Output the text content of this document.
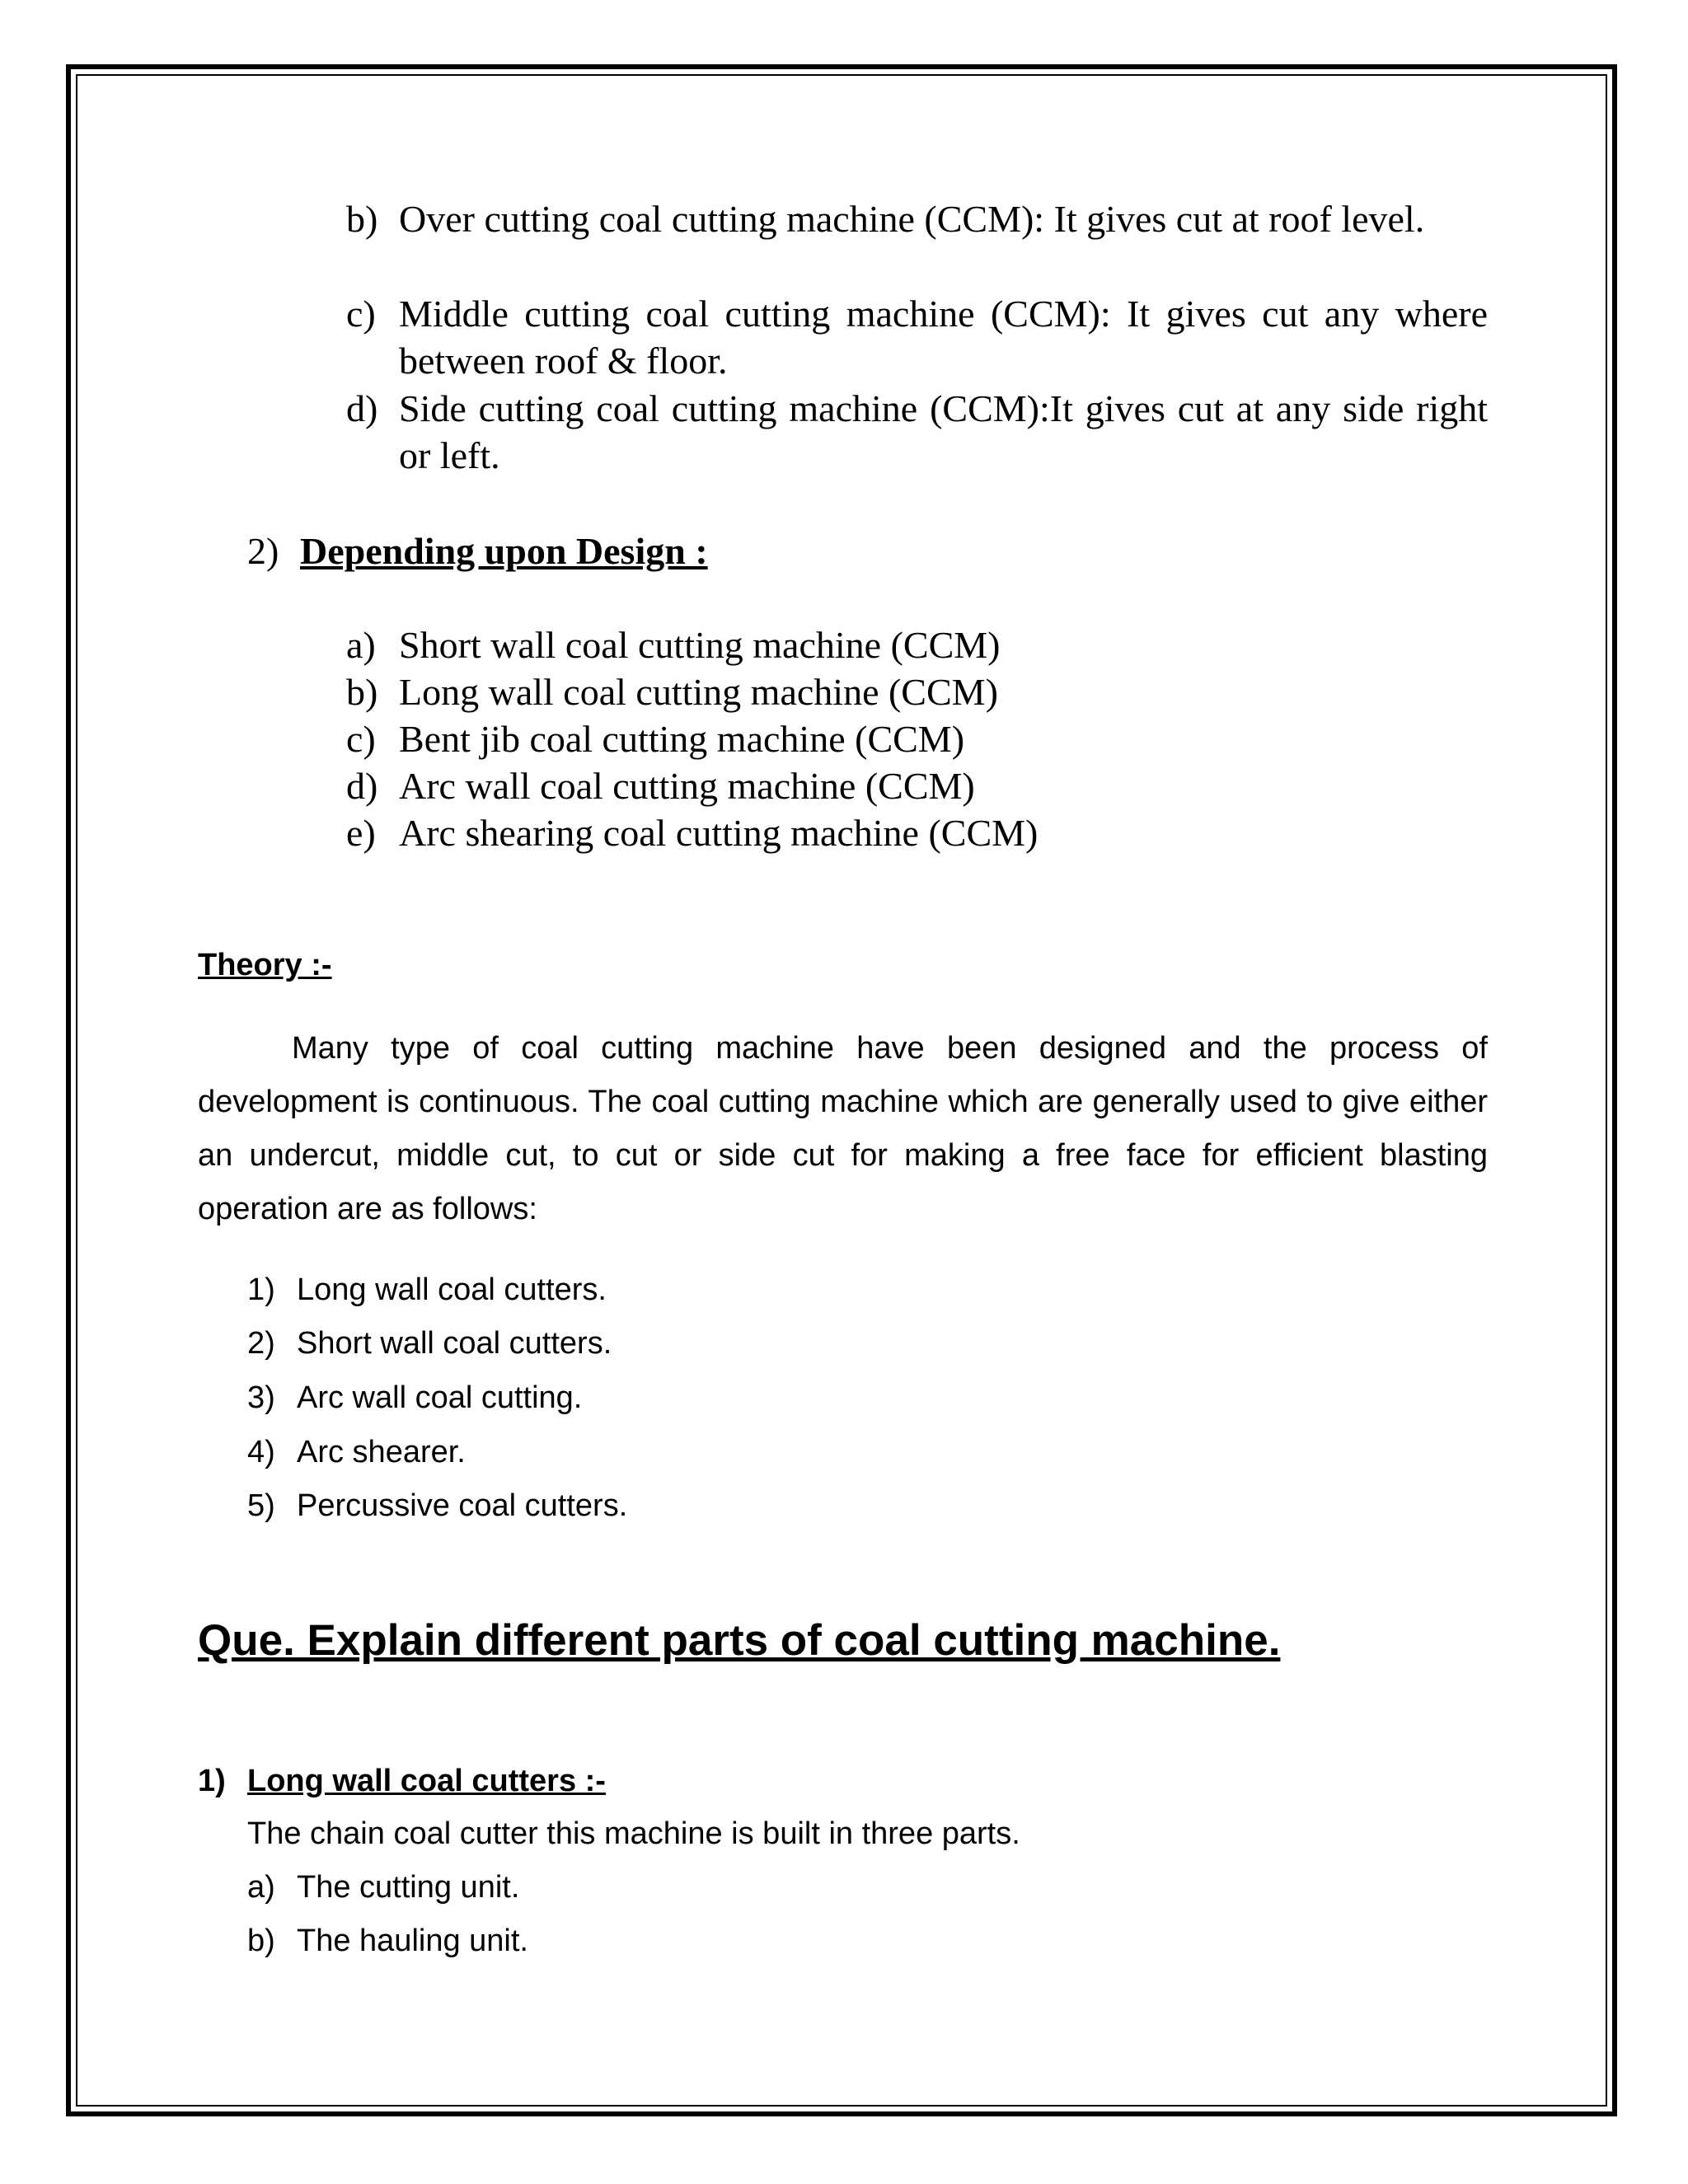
b) Over cutting coal cutting machine (CCM): It gives cut at roof level.
c) Middle cutting coal cutting machine (CCM): It gives cut any where between roof & floor.
d) Side cutting coal cutting machine (CCM):It gives cut at any side right or left.
2) Depending upon Design :
a) Short wall coal cutting machine (CCM)
b) Long wall coal cutting machine (CCM)
c) Bent jib coal cutting machine (CCM)
d) Arc wall coal cutting machine (CCM)
e) Arc shearing coal cutting machine (CCM)
Theory :-
Many type of coal cutting machine have been designed and the process of development is continuous. The coal cutting machine which are generally used to give either an undercut, middle cut, to cut or side cut for making a free face for efficient blasting operation are as follows:
1) Long wall coal cutters.
2) Short wall coal cutters.
3) Arc wall coal cutting.
4) Arc shearer.
5) Percussive coal cutters.
Que. Explain different parts of coal cutting machine.
1) Long wall coal cutters :-
The chain coal cutter this machine is built in three parts.
a) The cutting unit.
b) The hauling unit.
